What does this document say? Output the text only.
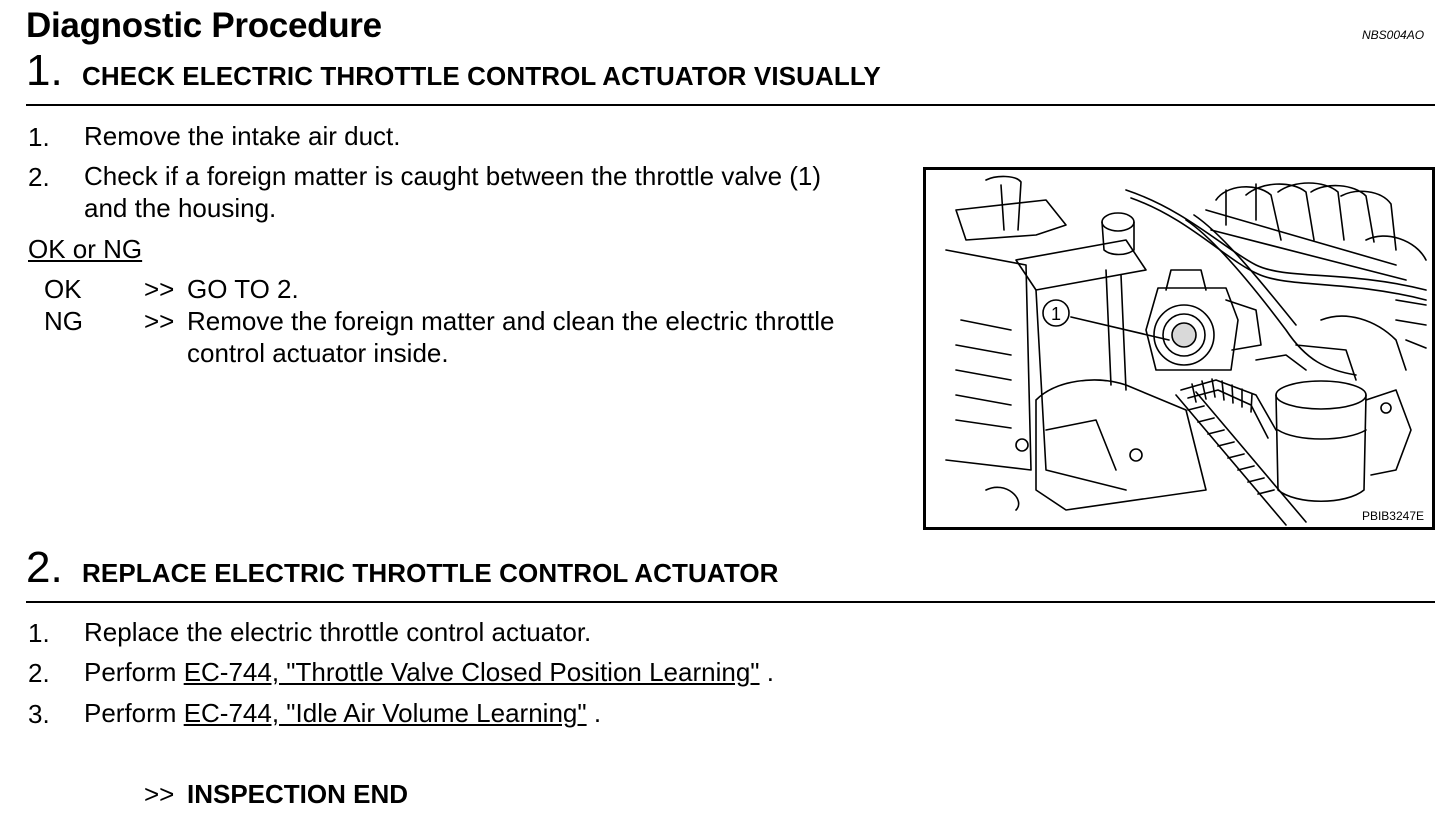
Diagnostic Procedure	NBS004AO
1. CHECK ELECTRIC THROTTLE CONTROL ACTUATOR VISUALLY
1. Remove the intake air duct.
2. Check if a foreign matter is caught between the throttle valve (1)
and the housing.
OK or NG
OK >> GO TO 2.
NG >> Remove the foreign matter and clean the electric throttle
control actuator inside.
1
PBIB3247E
2. REPLACE ELECTRIC THROTTLE CONTROL ACTUATOR
1. Replace the electric throttle control actuator.
2. Perform EC-744, "Throttle Valve Closed Position Learning" .
3. Perform EC-744, "Idle Air Volume Learning" .
>> INSPECTION END
